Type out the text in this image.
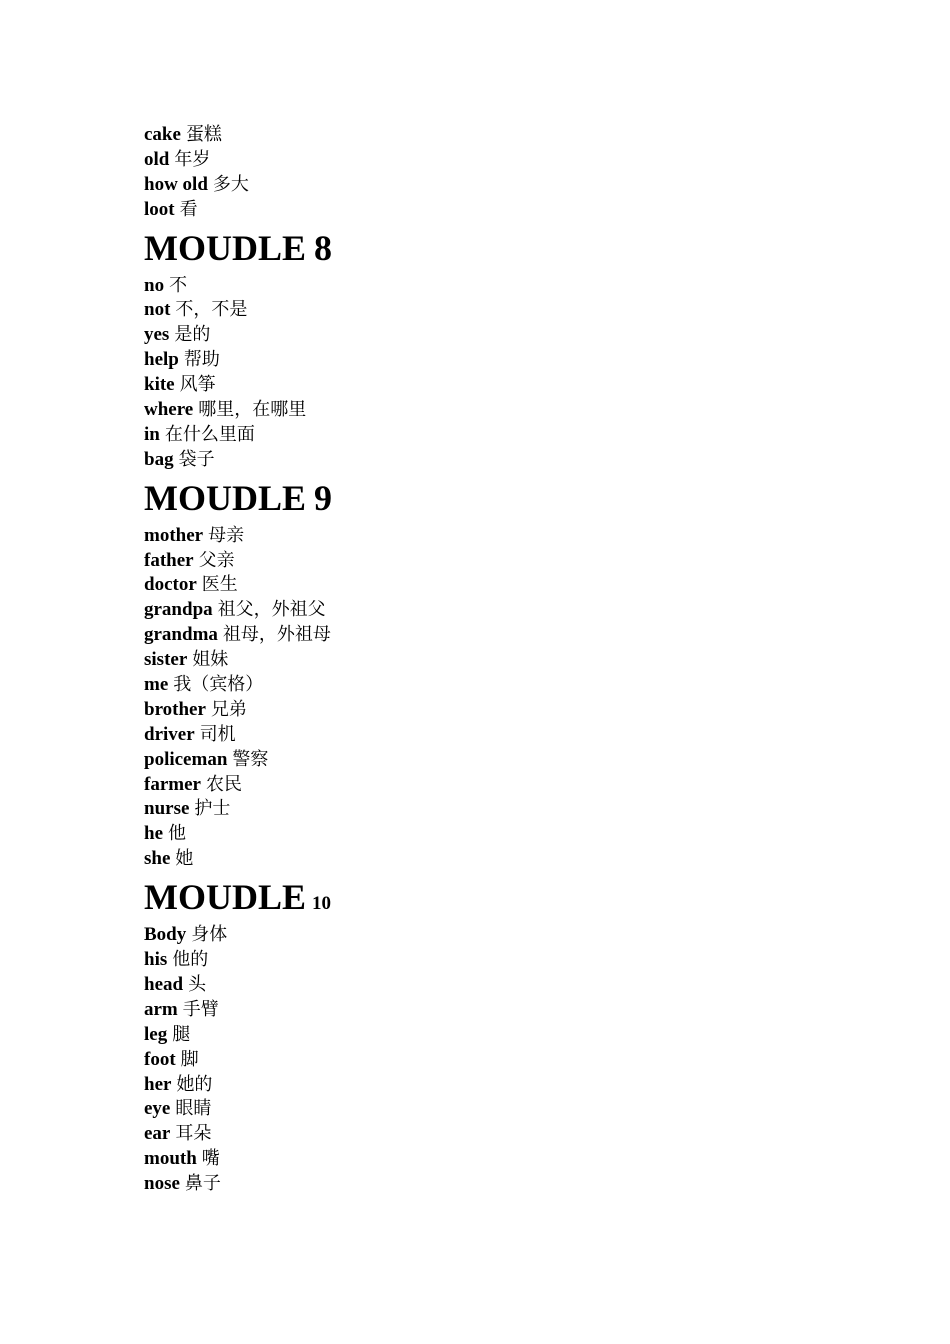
cake 蛋糕
old 年岁
how old 多大
loot 看
MOUDLE 8
no 不
not 不，不是
yes 是的
help 帮助
kite 风筝
where 哪里，在哪里
in 在什么里面
bag 袋子
MOUDLE 9
mother 母亲
father 父亲
doctor 医生
grandpa 祖父，外祖父
grandma 祖母，外祖母
sister 姐妹
me 我（宾格）
brother 兄弟
driver 司机
policeman 警察
farmer 农民
nurse 护士
he 他
she 她
MOUDLE 10
Body 身体
his 他的
head 头
arm 手臂
leg 腿
foot 脚
her 她的
eye 眼睛
ear 耳朵
mouth 嘴
nose 鼻子
